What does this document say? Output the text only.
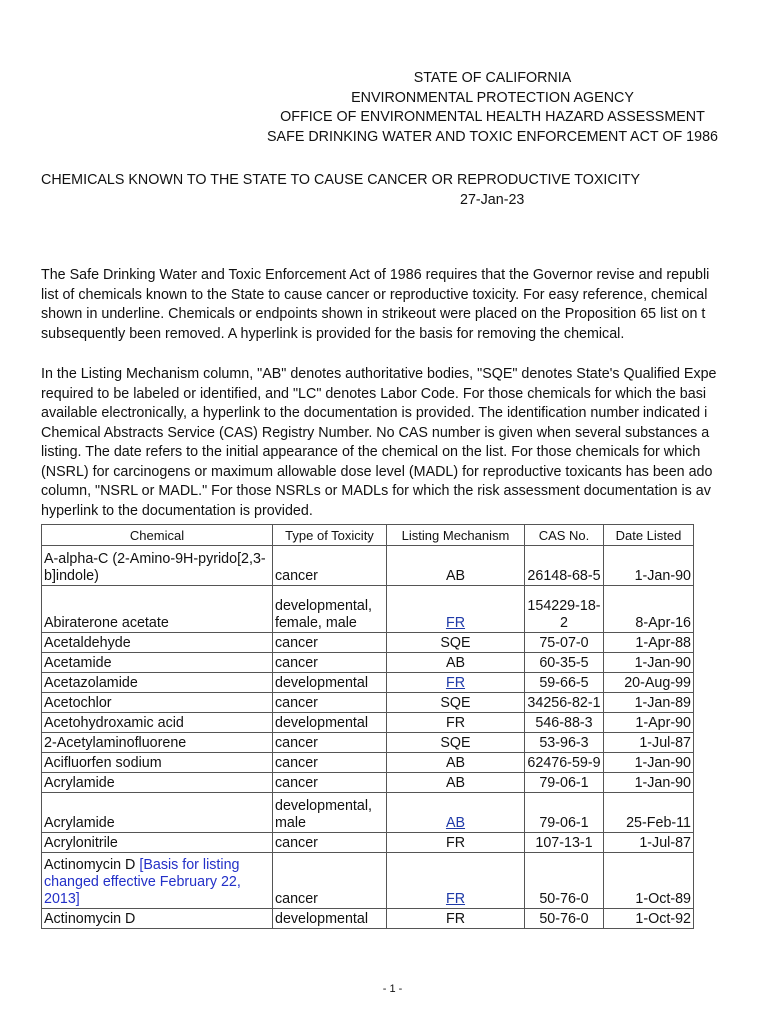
STATE OF CALIFORNIA
ENVIRONMENTAL PROTECTION AGENCY
OFFICE OF ENVIRONMENTAL HEALTH HAZARD ASSESSMENT
SAFE DRINKING WATER AND TOXIC ENFORCEMENT ACT OF 1986
CHEMICALS KNOWN TO THE STATE TO CAUSE CANCER OR REPRODUCTIVE TOXICITY
27-Jan-23
The Safe Drinking Water and Toxic Enforcement Act of 1986 requires that the Governor revise and republi
list of chemicals known to the State to cause cancer or reproductive toxicity. For easy reference, chemical
shown in underline. Chemicals or endpoints shown in strikeout were placed on the Proposition 65 list on t
subsequently been removed. A hyperlink is provided for the basis for removing the chemical.
In the Listing Mechanism column, "AB" denotes authoritative bodies, "SQE" denotes State's Qualified Expe
required to be labeled or identified, and "LC" denotes Labor Code. For those chemicals for which the basi
available electronically, a hyperlink to the documentation is provided. The identification number indicated i
Chemical Abstracts Service (CAS) Registry Number. No CAS number is given when several substances a
listing. The date refers to the initial appearance of the chemical on the list. For those chemicals for which
(NSRL) for carcinogens or maximum allowable dose level (MADL) for reproductive toxicants has been ado
column, "NSRL or MADL." For those NSRLs or MADLs for which the risk assessment documentation is av
hyperlink to the documentation is provided.
Chemical	Type of Toxicity	Listing Mechanism	CAS No.	Date Listed
A-alpha-C (2-Amino-9H-pyrido[2,3-b]indole)	cancer	AB	26148-68-5	1-Jan-90
Abiraterone acetate	developmental, female, male	FR	154229-18-2	8-Apr-16
Acetaldehyde	cancer	SQE	75-07-0	1-Apr-88
Acetamide	cancer	AB	60-35-5	1-Jan-90
Acetazolamide	developmental	FR	59-66-5	20-Aug-99
Acetochlor	cancer	SQE	34256-82-1	1-Jan-89
Acetohydroxamic acid	developmental	FR	546-88-3	1-Apr-90
2-Acetylaminofluorene	cancer	SQE	53-96-3	1-Jul-87
Acifluorfen sodium	cancer	AB	62476-59-9	1-Jan-90
Acrylamide	cancer	AB	79-06-1	1-Jan-90
Acrylamide	developmental, male	AB	79-06-1	25-Feb-11
Acrylonitrile	cancer	FR	107-13-1	1-Jul-87
Actinomycin D [Basis for listing changed effective February 22, 2013]	cancer	FR	50-76-0	1-Oct-89
Actinomycin D	developmental	FR	50-76-0	1-Oct-92
- 1 -
